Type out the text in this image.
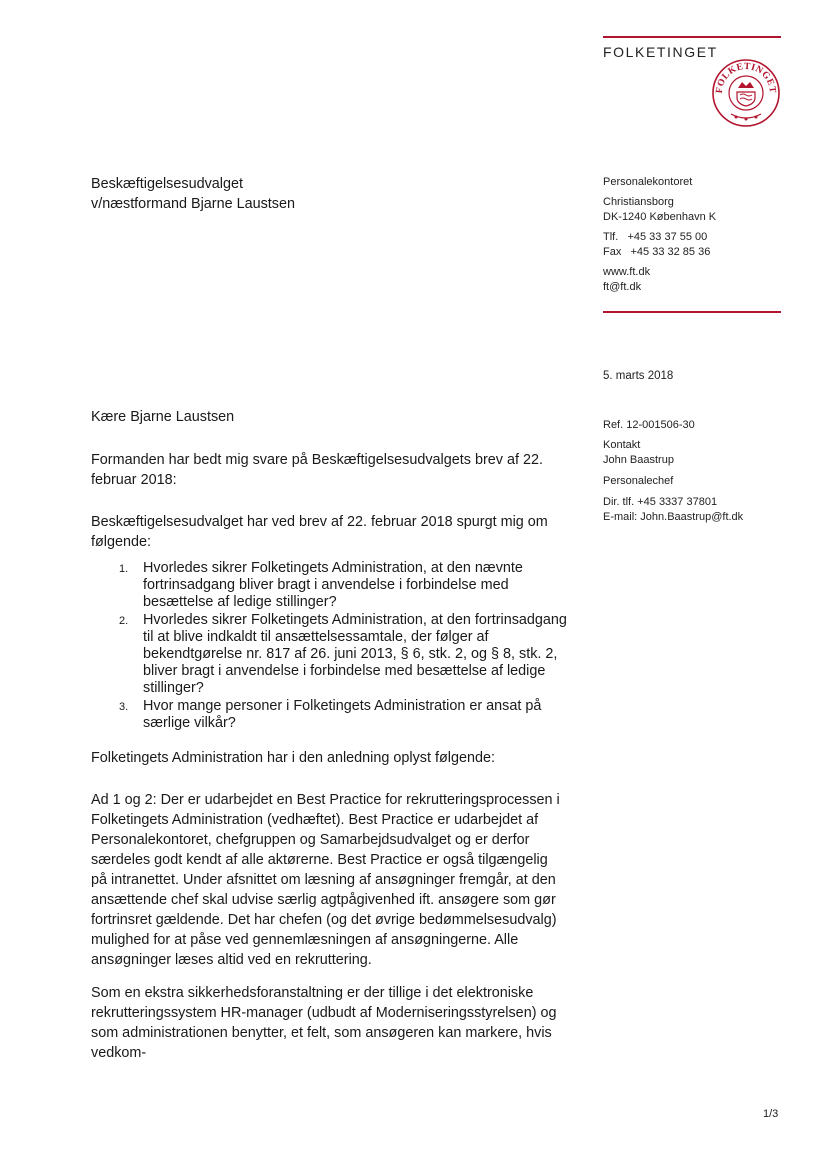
FOLKETINGET
FOLKETINGET
Beskæftigelsesudvalget
v/næstformand Bjarne Laustsen
Personalekontoret
Christiansborg
DK-1240 København K
Tlf.   +45 33 37 55 00
Fax   +45 33 32 85 36
www.ft.dk
ft@ft.dk
5. marts 2018
Ref. 12-001506-30
Kontakt
John Baastrup
Personalechef
Dir. tlf. +45 3337 37801
E-mail: John.Baastrup@ft.dk
Kære Bjarne Laustsen
Formanden har bedt mig svare på Beskæftigelsesudvalgets brev af 22. februar 2018:
Beskæftigelsesudvalget har ved brev af 22. februar 2018 spurgt mig om følgende:
1. Hvorledes sikrer Folketingets Administration, at den nævnte fortrinsadgang bliver bragt i anvendelse i forbindelse med besættelse af ledige stillinger?
2. Hvorledes sikrer Folketingets Administration, at den fortrinsadgang til at blive indkaldt til ansættelsessamtale, der følger af bekendtgørelse nr. 817 af 26. juni 2013, § 6, stk. 2, og § 8, stk. 2, bliver bragt i anvendelse i forbindelse med besættelse af ledige stillinger?
3. Hvor mange personer i Folketingets Administration er ansat på særlige vilkår?
Folketingets Administration har i den anledning oplyst følgende:
Ad 1 og 2: Der er udarbejdet en Best Practice for rekrutteringsprocessen i Folketingets Administration (vedhæftet). Best Practice er udarbejdet af Personalekontoret, chefgruppen og Samarbejdsudvalget og er derfor særdeles godt kendt af alle aktørerne. Best Practice er også tilgængelig på intranettet. Under afsnittet om læsning af ansøgninger fremgår, at den ansættende chef skal udvise særlig agtpågivenhed ift. ansøgere som gør fortrinsret gældende. Det har chefen (og det øvrige bedømmelsesudvalg) mulighed for at påse ved gennemlæsningen af ansøgningerne. Alle ansøgninger læses altid ved en rekruttering.
Som en ekstra sikkerhedsforanstaltning er der tillige i det elektroniske rekrutteringssystem HR-manager (udbudt af Moderniseringsstyrelsen) og som administrationen benytter, et felt, som ansøgeren kan markere, hvis vedkom-
1/3
